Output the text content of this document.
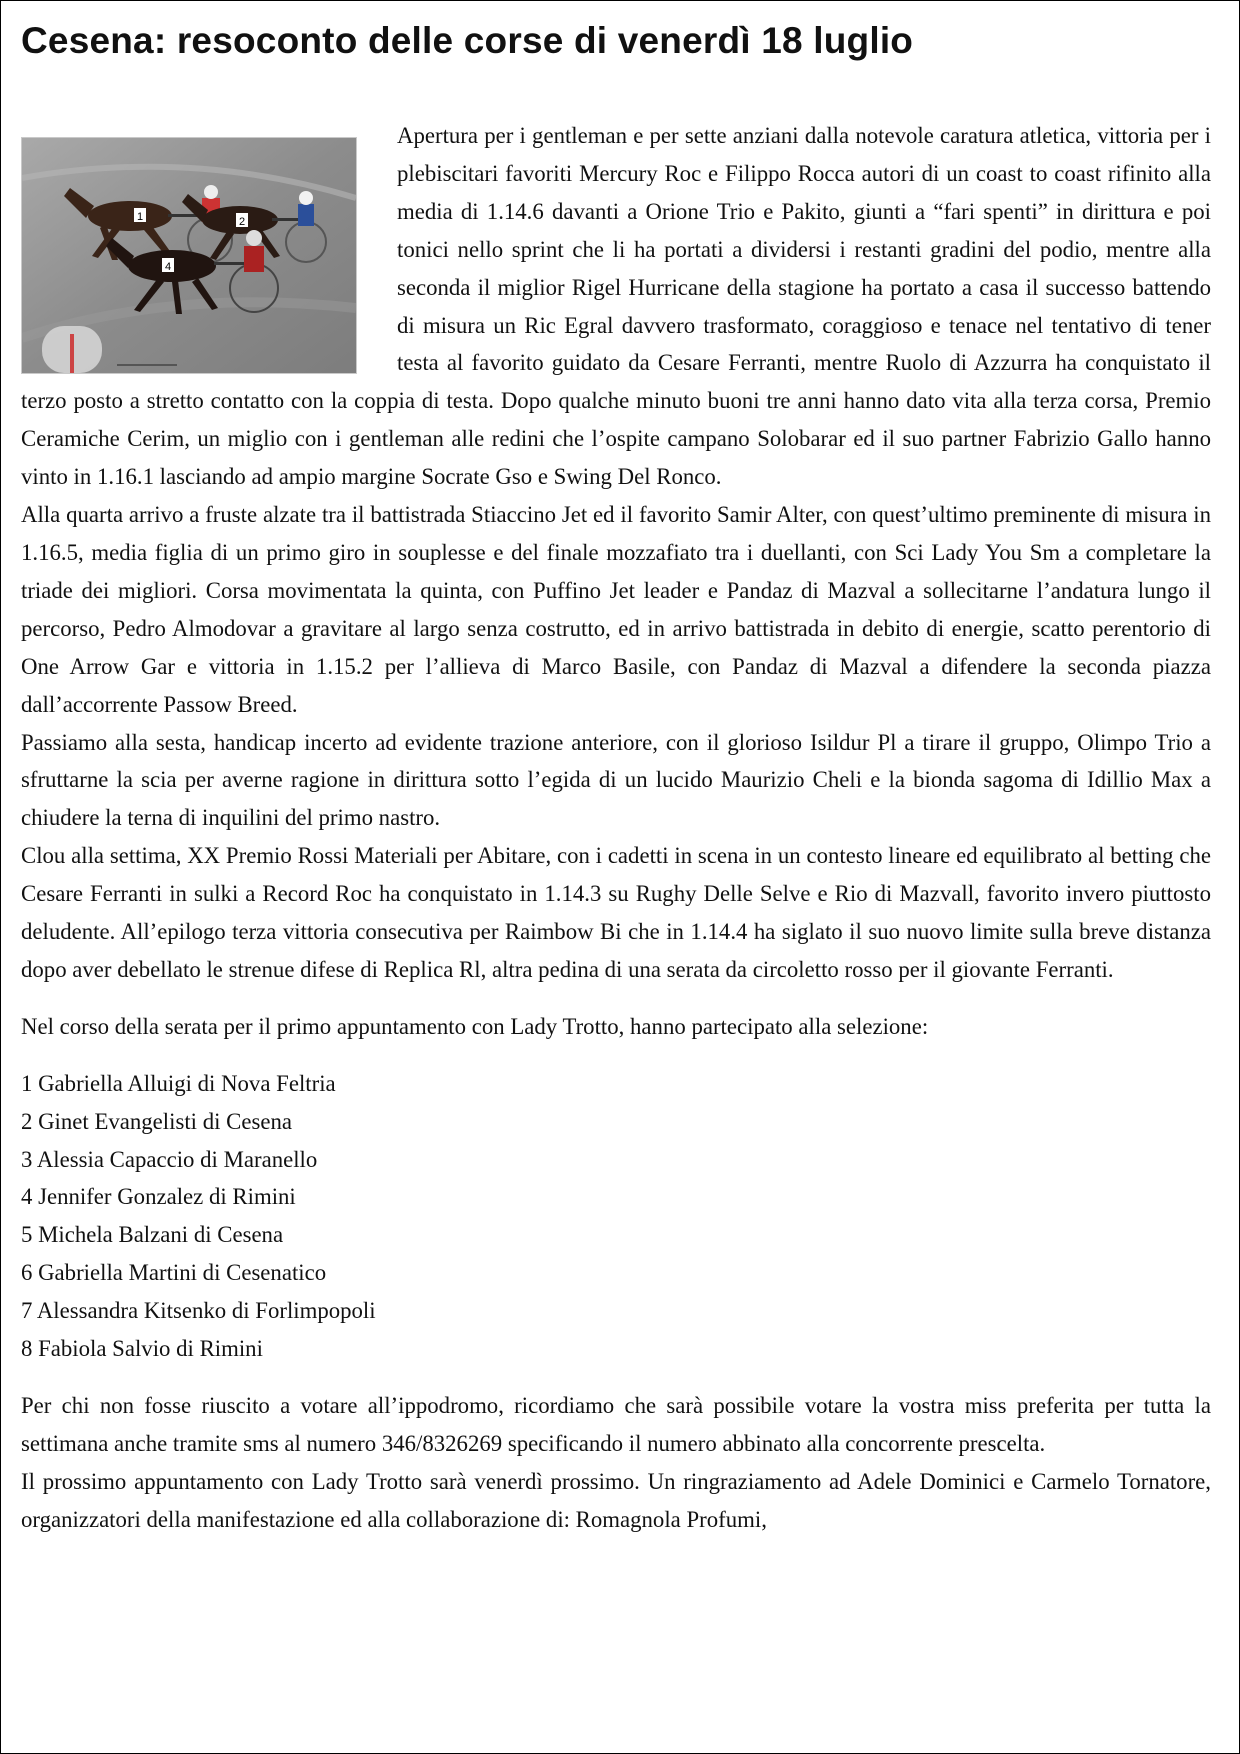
Cesena: resoconto delle corse di venerdì 18 luglio
1	2
4

Apertura per i gentleman e per sette anziani dalla notevole caratura atletica, vittoria per i plebiscitari favoriti Mercury Roc e Filippo Rocca autori di un coast to coast rifinito alla media di 1.14.6 davanti a Orione Trio e Pakito, giunti a “fari spenti” in dirittura e poi tonici nello sprint che li ha portati a dividersi i restanti gradini del podio, mentre alla seconda il miglior Rigel Hurricane della stagione ha portato a casa il successo battendo di misura un Ric Egral davvero trasformato, coraggioso e tenace nel tentativo di tener testa al favorito guidato da Cesare Ferranti, mentre Ruolo di Azzurra ha conquistato il terzo posto a stretto contatto con la coppia di testa. Dopo qualche minuto buoni tre anni hanno dato vita alla terza corsa, Premio Ceramiche Cerim, un miglio con i gentleman alle redini che l’ospite campano Solobarar ed il suo partner Fabrizio Gallo hanno vinto in 1.16.1 lasciando ad ampio margine Socrate Gso e Swing Del Ronco.

Alla quarta arrivo a fruste alzate tra il battistrada Stiaccino Jet ed il favorito Samir Alter, con quest’ultimo preminente di misura in 1.16.5, media figlia di un primo giro in souplesse e del finale mozzafiato tra i duellanti, con Sci Lady You Sm a completare la triade dei migliori. Corsa movimentata la quinta, con Puffino Jet leader e Pandaz di Mazval a sollecitarne l’andatura lungo il percorso, Pedro Almodovar a gravitare al largo senza costrutto, ed in arrivo battistrada in debito di energie, scatto perentorio di One Arrow Gar e vittoria in 1.15.2 per l’allieva di Marco Basile, con Pandaz di Mazval a difendere la seconda piazza dall’accorrente Passow Breed.

Passiamo alla sesta, handicap incerto ad evidente trazione anteriore, con il glorioso Isildur Pl a tirare il gruppo, Olimpo Trio a sfruttarne la scia per averne ragione in dirittura sotto l’egida di un lucido Maurizio Cheli e la bionda sagoma di Idillio Max a chiudere la terna di inquilini del primo nastro.

Clou alla settima, XX Premio Rossi Materiali per Abitare, con i cadetti in scena in un contesto lineare ed equilibrato al betting che Cesare Ferranti in sulki a Record Roc ha conquistato in 1.14.3 su Rughy Delle Selve e Rio di Mazvall, favorito invero piuttosto deludente. All’epilogo terza vittoria consecutiva per Raimbow Bi che in 1.14.4 ha siglato il suo nuovo limite sulla breve distanza dopo aver debellato le strenue difese di Replica Rl, altra pedina di una serata da circoletto rosso per il giovante Ferranti.

Nel corso della serata per il primo appuntamento con Lady Trotto, hanno partecipato alla selezione:

1 Gabriella Alluigi di Nova Feltria
2 Ginet Evangelisti di Cesena
3 Alessia Capaccio di Maranello
4 Jennifer Gonzalez di Rimini
5 Michela Balzani di Cesena
6 Gabriella Martini di Cesenatico
7 Alessandra Kitsenko di Forlimpopoli
8 Fabiola Salvio di Rimini

Per chi non fosse riuscito a votare all’ippodromo, ricordiamo che sarà possibile votare la vostra miss preferita per tutta la settimana anche tramite sms al numero 346/8326269 specificando il numero abbinato alla concorrente prescelta.

Il prossimo appuntamento con Lady Trotto sarà venerdì prossimo. Un ringraziamento ad Adele Dominici e Carmelo Tornatore, organizzatori della manifestazione ed alla collaborazione di: Romagnola Profumi,
